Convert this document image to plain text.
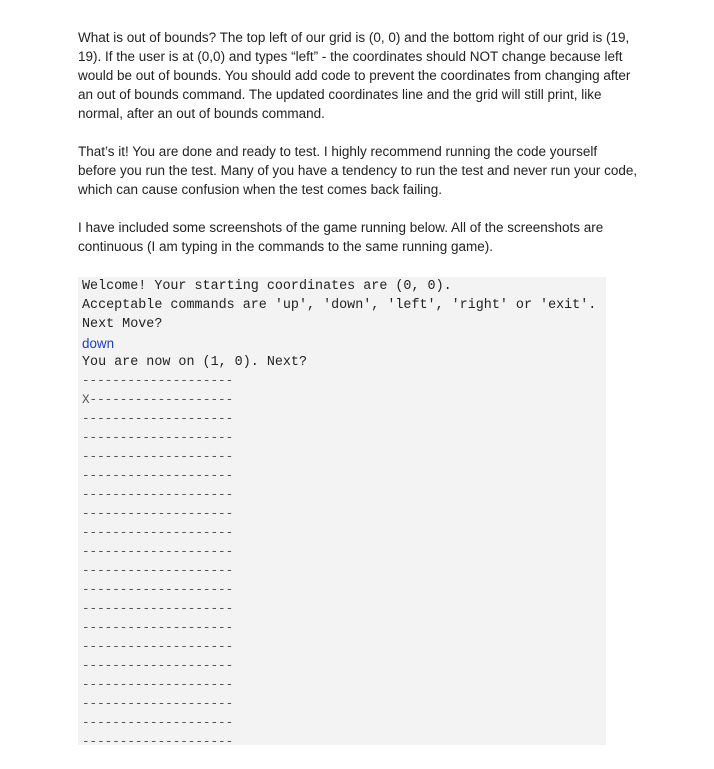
What is out of bounds? The top left of our grid is (0, 0) and the bottom right of our grid is (19, 19). If the user is at (0,0) and types “left” - the coordinates should NOT change because left would be out of bounds. You should add code to prevent the coordinates from changing after an out of bounds command. The updated coordinates line and the grid will still print, like normal, after an out of bounds command.

That’s it! You are done and ready to test. I highly recommend running the code yourself before you run the test. Many of you have a tendency to run the test and never run your code, which can cause confusion when the test comes back failing.

I have included some screenshots of the game running below. All of the screenshots are continuous (I am typing in the commands to the same running game).

Welcome! Your starting coordinates are (0, 0).
Acceptable commands are 'up', 'down', 'left', 'right' or 'exit'.
Next Move?
down
You are now on (1, 0). Next?
--------------------
X-------------------
--------------------
--------------------
--------------------
--------------------
--------------------
--------------------
--------------------
--------------------
--------------------
--------------------
--------------------
--------------------
--------------------
--------------------
--------------------
--------------------
--------------------
--------------------
